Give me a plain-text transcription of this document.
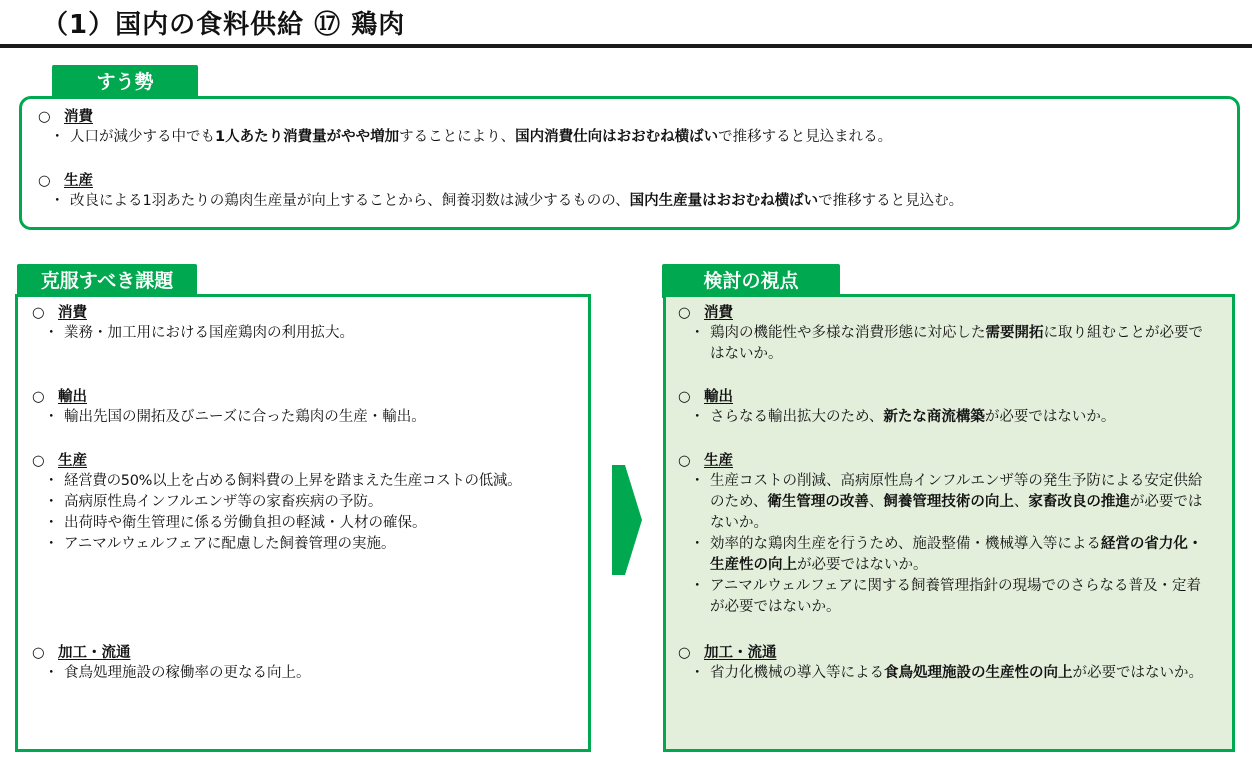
（1）国内の食料供給 ⑰ 鶏肉
すう勢
○ 消費
・ 人口が減少する中でも1人あたり消費量がやや増加することにより、国内消費仕向はおおむね横ばいで推移すると見込まれる。
○ 生産
・ 改良による1羽あたりの鶏肉生産量が向上することから、飼養羽数は減少するものの、国内生産量はおおむね横ばいで推移すると見込む。
克服すべき課題
○ 消費
・ 業務・加工用における国産鶏肉の利用拡大。
○ 輸出
・ 輸出先国の開拓及びニーズに合った鶏肉の生産・輸出。
○ 生産
・ 経営費の50%以上を占める飼料費の上昇を踏まえた生産コストの低減。
・ 高病原性鳥インフルエンザ等の家畜疾病の予防。
・ 出荷時や衛生管理に係る労働負担の軽減・人材の確保。
・ アニマルウェルフェアに配慮した飼養管理の実施。
○ 加工・流通
・ 食鳥処理施設の稼働率の更なる向上。
検討の視点
○ 消費
・ 鶏肉の機能性や多様な消費形態に対応した需要開拓に取り組むことが必要ではないか。
○ 輸出
・ さらなる輸出拡大のため、新たな商流構築が必要ではないか。
○ 生産
・ 生産コストの削減、高病原性鳥インフルエンザ等の発生予防による安定供給のため、衛生管理の改善、飼養管理技術の向上、家畜改良の推進が必要ではないか。
・ 効率的な鶏肉生産を行うため、施設整備・機械導入等による経営の省力化・生産性の向上が必要ではないか。
・ アニマルウェルフェアに関する飼養管理指針の現場でのさらなる普及・定着が必要ではないか。
○ 加工・流通
・ 省力化機械の導入等による食鳥処理施設の生産性の向上が必要ではないか。
